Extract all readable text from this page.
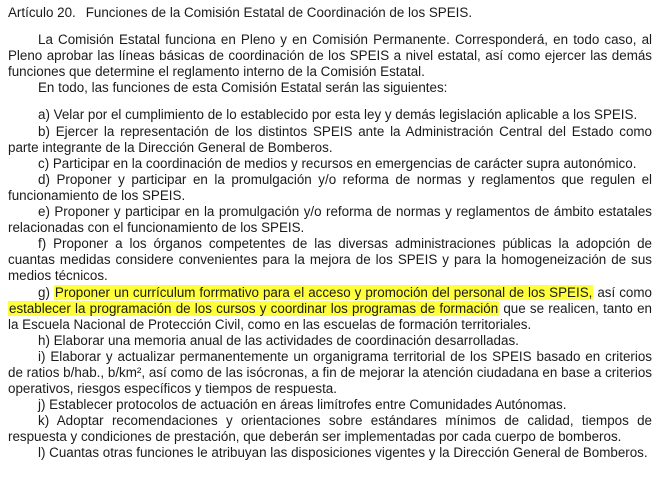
Artículo 20. Funciones de la Comisión Estatal de Coordinación de los SPEIS.

La Comisión Estatal funciona en Pleno y en Comisión Permanente. Corresponderá, en todo caso, al Pleno aprobar las líneas básicas de coordinación de los SPEIS a nivel estatal, así como ejercer las demás funciones que determine el reglamento interno de la Comisión Estatal.

En todo, las funciones de esta Comisión Estatal serán las siguientes:

a) Velar por el cumplimiento de lo establecido por esta ley y demás legislación aplicable a los SPEIS.

b) Ejercer la representación de los distintos SPEIS ante la Administración Central del Estado como parte integrante de la Dirección General de Bomberos.

c) Participar en la coordinación de medios y recursos en emergencias de carácter supra autonómico.

d) Proponer y participar en la promulgación y/o reforma de normas y reglamentos que regulen el funcionamiento de los SPEIS.

e) Proponer y participar en la promulgación y/o reforma de normas y reglamentos de ámbito estatales relacionadas con el funcionamiento de los SPEIS.

f) Proponer a los órganos competentes de las diversas administraciones públicas la adopción de cuantas medidas considere convenientes para la mejora de los SPEIS y para la homogeneización de sus medios técnicos.

g) Proponer un currículum forrmativo para el acceso y promoción del personal de los SPEIS, así como establecer la programación de los cursos y coordinar los programas de formación que se realicen, tanto en la Escuela Nacional de Protección Civil, como en las escuelas de formación territoriales.

h) Elaborar una memoria anual de las actividades de coordinación desarrolladas.

i) Elaborar y actualizar permanentemente un organigrama territorial de los SPEIS basado en criterios de ratios b/hab., b/km², así como de las isócronas, a fin de mejorar la atención ciudadana en base a criterios operativos, riesgos específicos y tiempos de respuesta.

j) Establecer protocolos de actuación en áreas limítrofes entre Comunidades Autónomas.

k) Adoptar recomendaciones y orientaciones sobre estándares mínimos de calidad, tiempos de respuesta y condiciones de prestación, que deberán ser implementadas por cada cuerpo de bomberos.

l) Cuantas otras funciones le atribuyan las disposiciones vigentes y la Dirección General de Bomberos.
